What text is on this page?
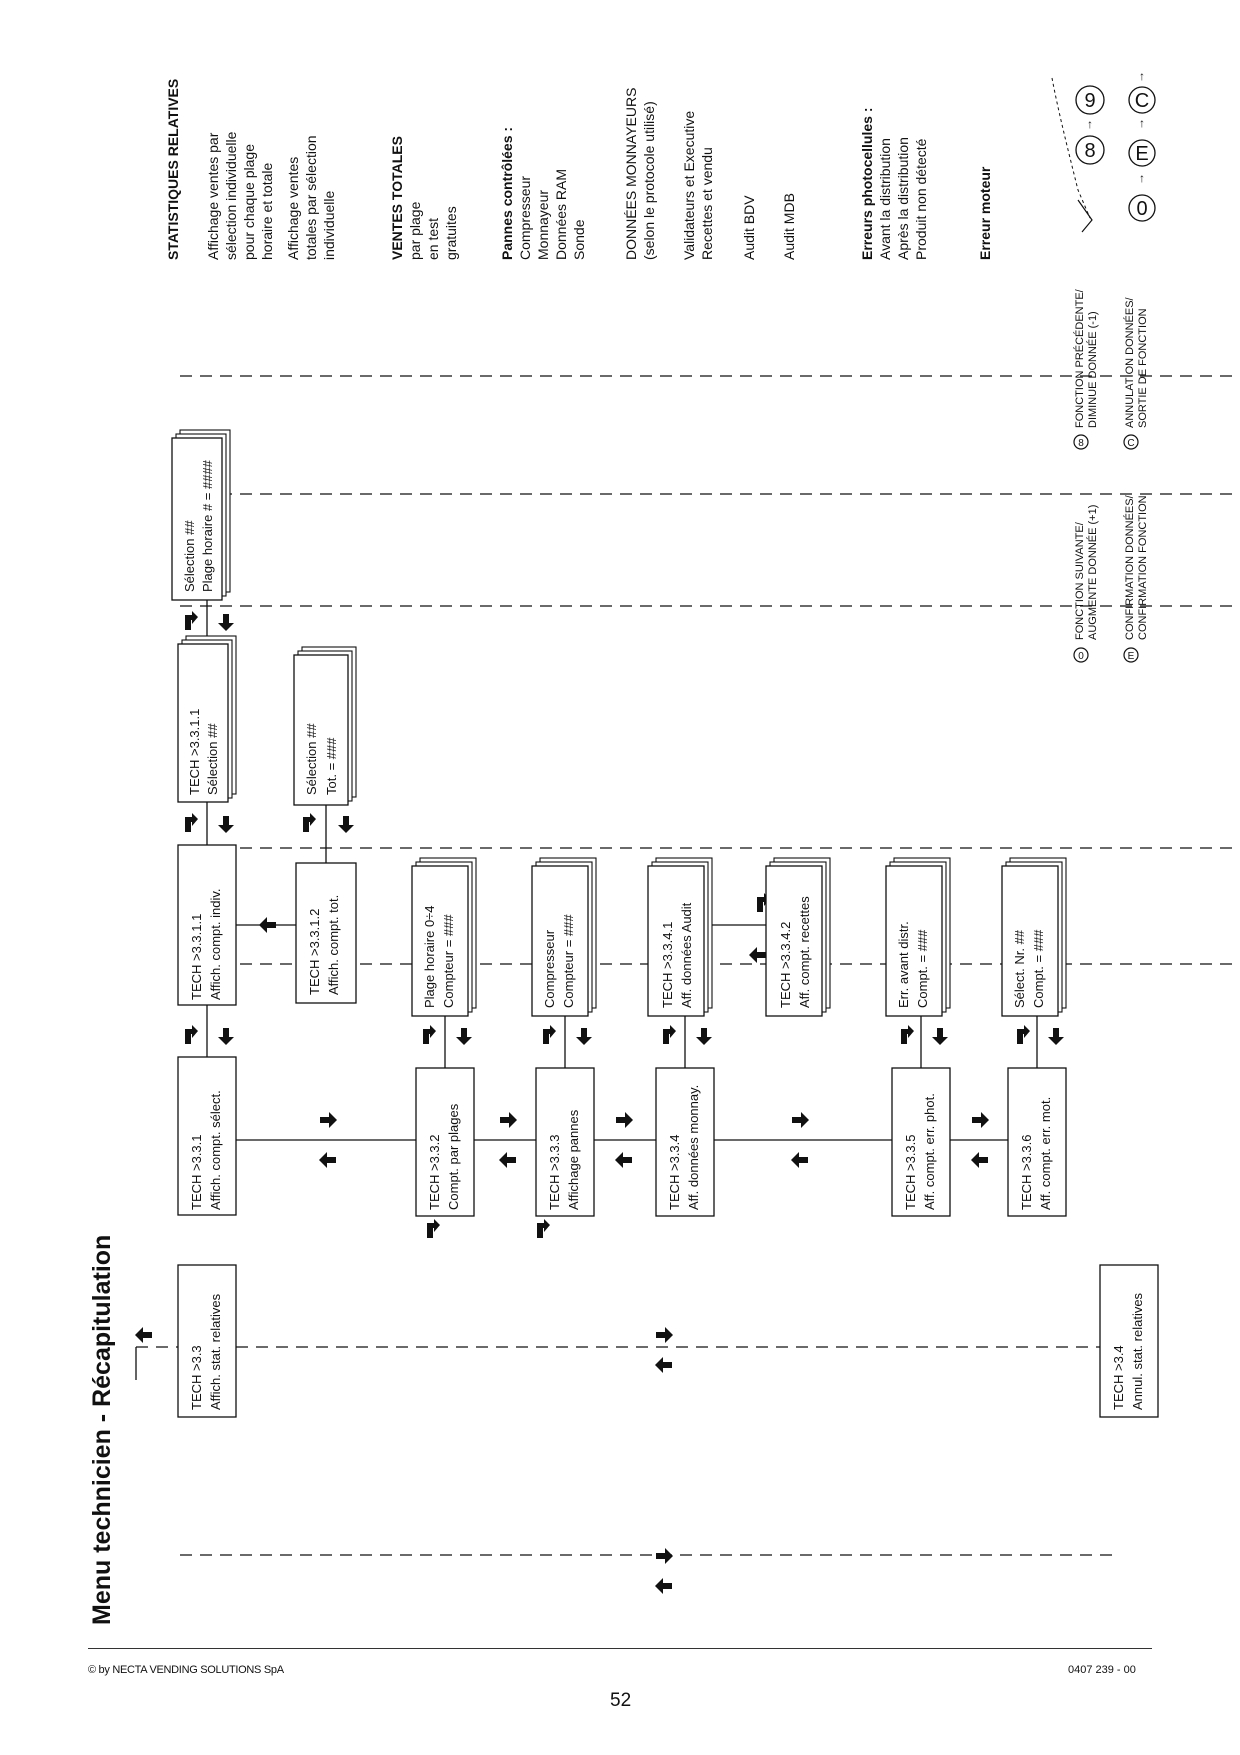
Menu technicien - Récapitulation	TECH >3.3 Affich. stat. relatives
TECH >3.3.1 Affich. compt. sélect.
TECH >3.3.1.1 Affich. compt. indiv.
TECH >3.3.1.1 Sélection ##
Sélection ## Plage horaire # = ####
TECH >3.3.1.2 Affich. compt. tot.
Sélection ## Tot. = ###
TECH >3.3.2 Compt. par plages
Plage horaire 0÷4 Compteur = ###
TECH >3.3.3 Affichage pannes
Compresseur Compteur = ###
TECH >3.3.4 Aff. données monnay.
TECH >3.3.4.1 Aff. données Audit	TECH >3.3.4.2 Aff. compt. recettes
TECH >3.3.5 Aff. compt. err. phot.
Err. avant distr. Compt. = ###
TECH >3.3.6 Aff. compt. err. mot.
Sélect. Nr. ## Compt. = ###
TECH >3.4 Annul. stat. relatives
STATISTIQUES RELATIVES Affichage ventes par sélection individuelle pour chaque plage horaire et totale Affichage ventes totales par sélection individuelle	VENTES TOTALES par plage en test gratuites	Pannes contrôlées : Compresseur Monnayeur Données RAM Sonde	DONNÉES MONNAYEURS (selon le protocole utilisé) Validateurs et Executive Recettes et vendu Audit BDV Audit MDB	Erreurs photocellules : Avant la distribution Après la distribution Produit non détecté	Erreur moteur
0
FONCTION SUIVANTE/ AUGMENTE DONNÉE (+1)
E
CONFIRMATION DONNÉES/ CONFIRMATION FONCTION
8
FONCTION PRÉCÉDENTE/ DIMINUE DONNÉE (-1)
C
ANNULATION DONNÉES/ SORTIE DE FONCTION
8
9
↑
0
E
C
↑
↑
↑
© by NECTA VENDING SOLUTIONS SpA	0407 239 - 00
52
